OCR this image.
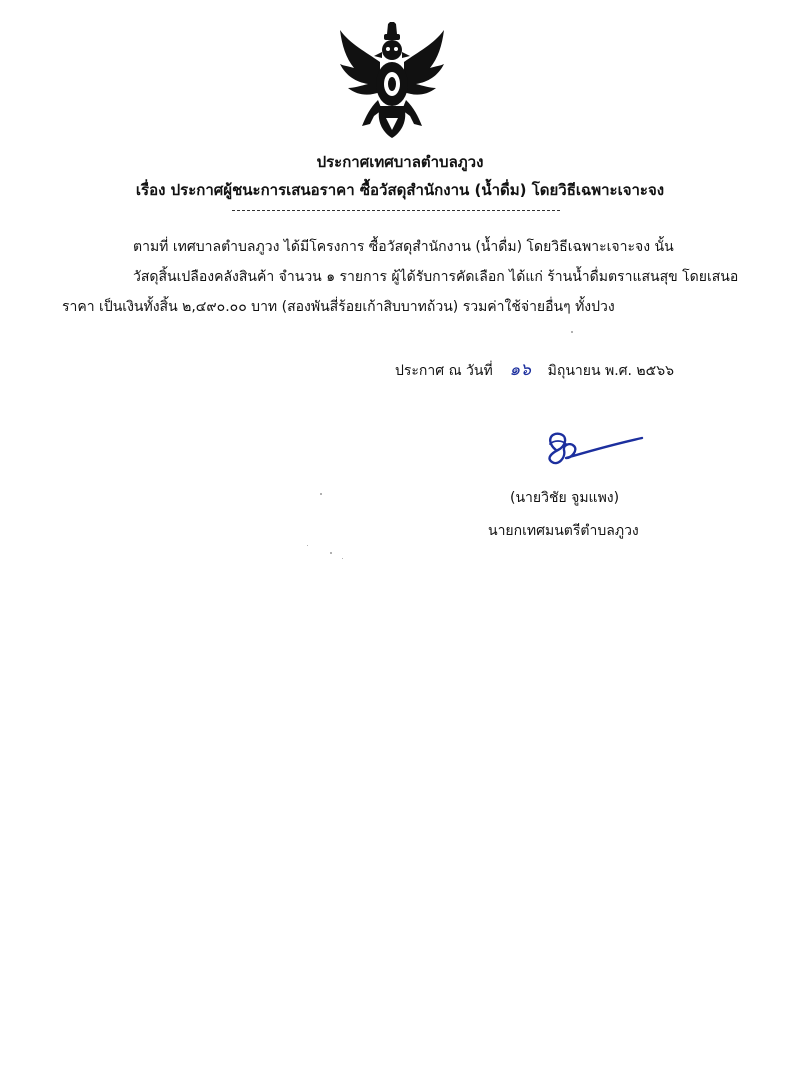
ประกาศเทศบาลตำบลภูวง
เรื่อง ประกาศผู้ชนะการเสนอราคา ซื้อวัสดุสำนักงาน (น้ำดื่ม) โดยวิธีเฉพาะเจาะจง
ตามที่ เทศบาลตำบลภูวง ได้มีโครงการ ซื้อวัสดุสำนักงาน (น้ำดื่ม) โดยวิธีเฉพาะเจาะจง นั้น
วัสดุสิ้นเปลืองคลังสินค้า จำนวน ๑ รายการ ผู้ได้รับการคัดเลือก ได้แก่ ร้านน้ำดื่มตราแสนสุข โดยเสนอ
ราคา เป็นเงินทั้งสิ้น ๒,๔๙๐.๐๐ บาท (สองพันสี่ร้อยเก้าสิบบาทถ้วน) รวมค่าใช้จ่ายอื่นๆ ทั้งปวง
ประกาศ ณ วันที่ ๑๖ มิถุนายน พ.ศ. ๒๕๖๖
(นายวิชัย จูมแพง)
นายกเทศมนตรีตำบลภูวง
